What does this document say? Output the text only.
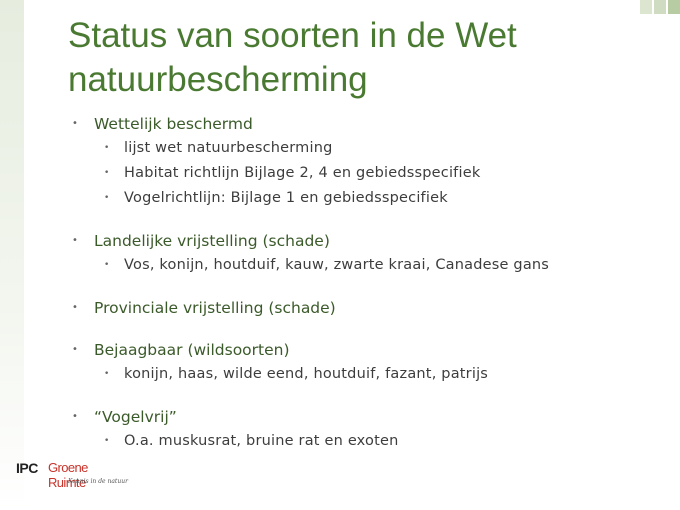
Status van soorten in de Wet natuurbescherming
•	Wettelijk beschermd
• lijst wet natuurbescherming
• Habitat richtlijn Bijlage 2, 4 en gebiedsspecifiek
• Vogelrichtlijn: Bijlage 1 en gebiedsspecifiek
•	Landelijke vrijstelling (schade)
• Vos, konijn, houtduif, kauw, zwarte kraai, Canadese gans
•	Provinciale vrijstelling (schade)
•	Bejaagbaar (wildsoorten)
• konijn, haas, wilde eend, houtduif, fazant, patrijs
•	“Vogelvrij”
• O.a. muskusrat, bruine rat en exoten
IPC Groene Ruimte
Kennis in de natuur
